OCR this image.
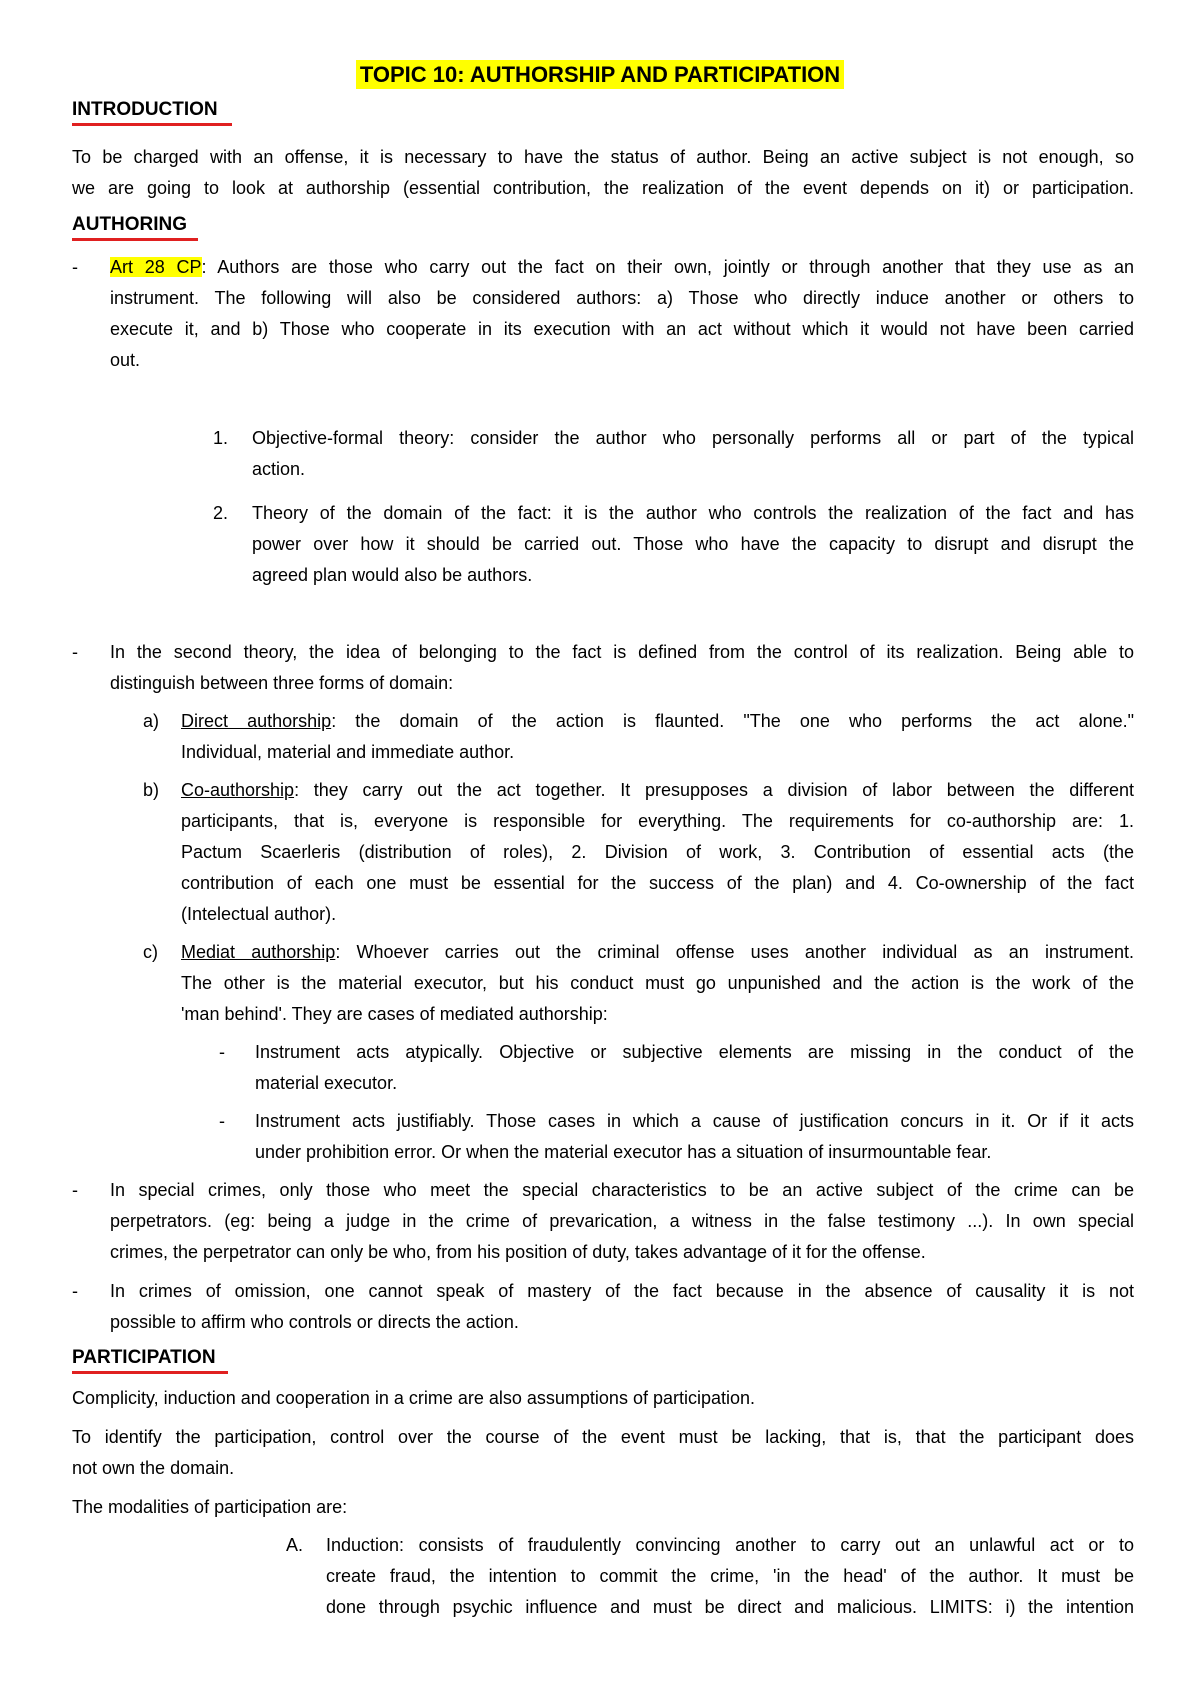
TOPIC 10: AUTHORSHIP AND PARTICIPATION
INTRODUCTION
To be charged with an offense, it is necessary to have the status of author. Being an active subject is not enough, so
we are going to look at authorship (essential contribution, the realization of the event depends on it) or participation.
AUTHORING
- Art 28 CP: Authors are those who carry out the fact on their own, jointly or through another that they use as an
instrument. The following will also be considered authors: a) Those who directly induce another or others to
execute it, and b) Those who cooperate in its execution with an act without which it would not have been carried
out.
1. Objective-formal theory: consider the author who personally performs all or part of the typical
action.
2. Theory of the domain of the fact: it is the author who controls the realization of the fact and has
power over how it should be carried out. Those who have the capacity to disrupt and disrupt the
agreed plan would also be authors.
- In the second theory, the idea of belonging to the fact is defined from the control of its realization. Being able to
distinguish between three forms of domain:
a) Direct authorship: the domain of the action is flaunted. "The one who performs the act alone."
Individual, material and immediate author.
b) Co-authorship: they carry out the act together. It presupposes a division of labor between the different
participants, that is, everyone is responsible for everything. The requirements for co-authorship are: 1.
Pactum Scaerleris (distribution of roles), 2. Division of work, 3. Contribution of essential acts (the
contribution of each one must be essential for the success of the plan) and 4. Co-ownership of the fact
(Intelectual author).
c) Mediat authorship: Whoever carries out the criminal offense uses another individual as an instrument.
The other is the material executor, but his conduct must go unpunished and the action is the work of the
'man behind'. They are cases of mediated authorship:
- Instrument acts atypically. Objective or subjective elements are missing in the conduct of the
material executor.
- Instrument acts justifiably. Those cases in which a cause of justification concurs in it. Or if it acts
under prohibition error. Or when the material executor has a situation of insurmountable fear.
- In special crimes, only those who meet the special characteristics to be an active subject of the crime can be
perpetrators. (eg: being a judge in the crime of prevarication, a witness in the false testimony ...). In own special
crimes, the perpetrator can only be who, from his position of duty, takes advantage of it for the offense.
- In crimes of omission, one cannot speak of mastery of the fact because in the absence of causality it is not
possible to affirm who controls or directs the action.
PARTICIPATION
Complicity, induction and cooperation in a crime are also assumptions of participation.
To identify the participation, control over the course of the event must be lacking, that is, that the participant does
not own the domain.
The modalities of participation are:
A. Induction: consists of fraudulently convincing another to carry out an unlawful act or to
create fraud, the intention to commit the crime, 'in the head' of the author. It must be
done through psychic influence and must be direct and malicious. LIMITS: i) the intention
